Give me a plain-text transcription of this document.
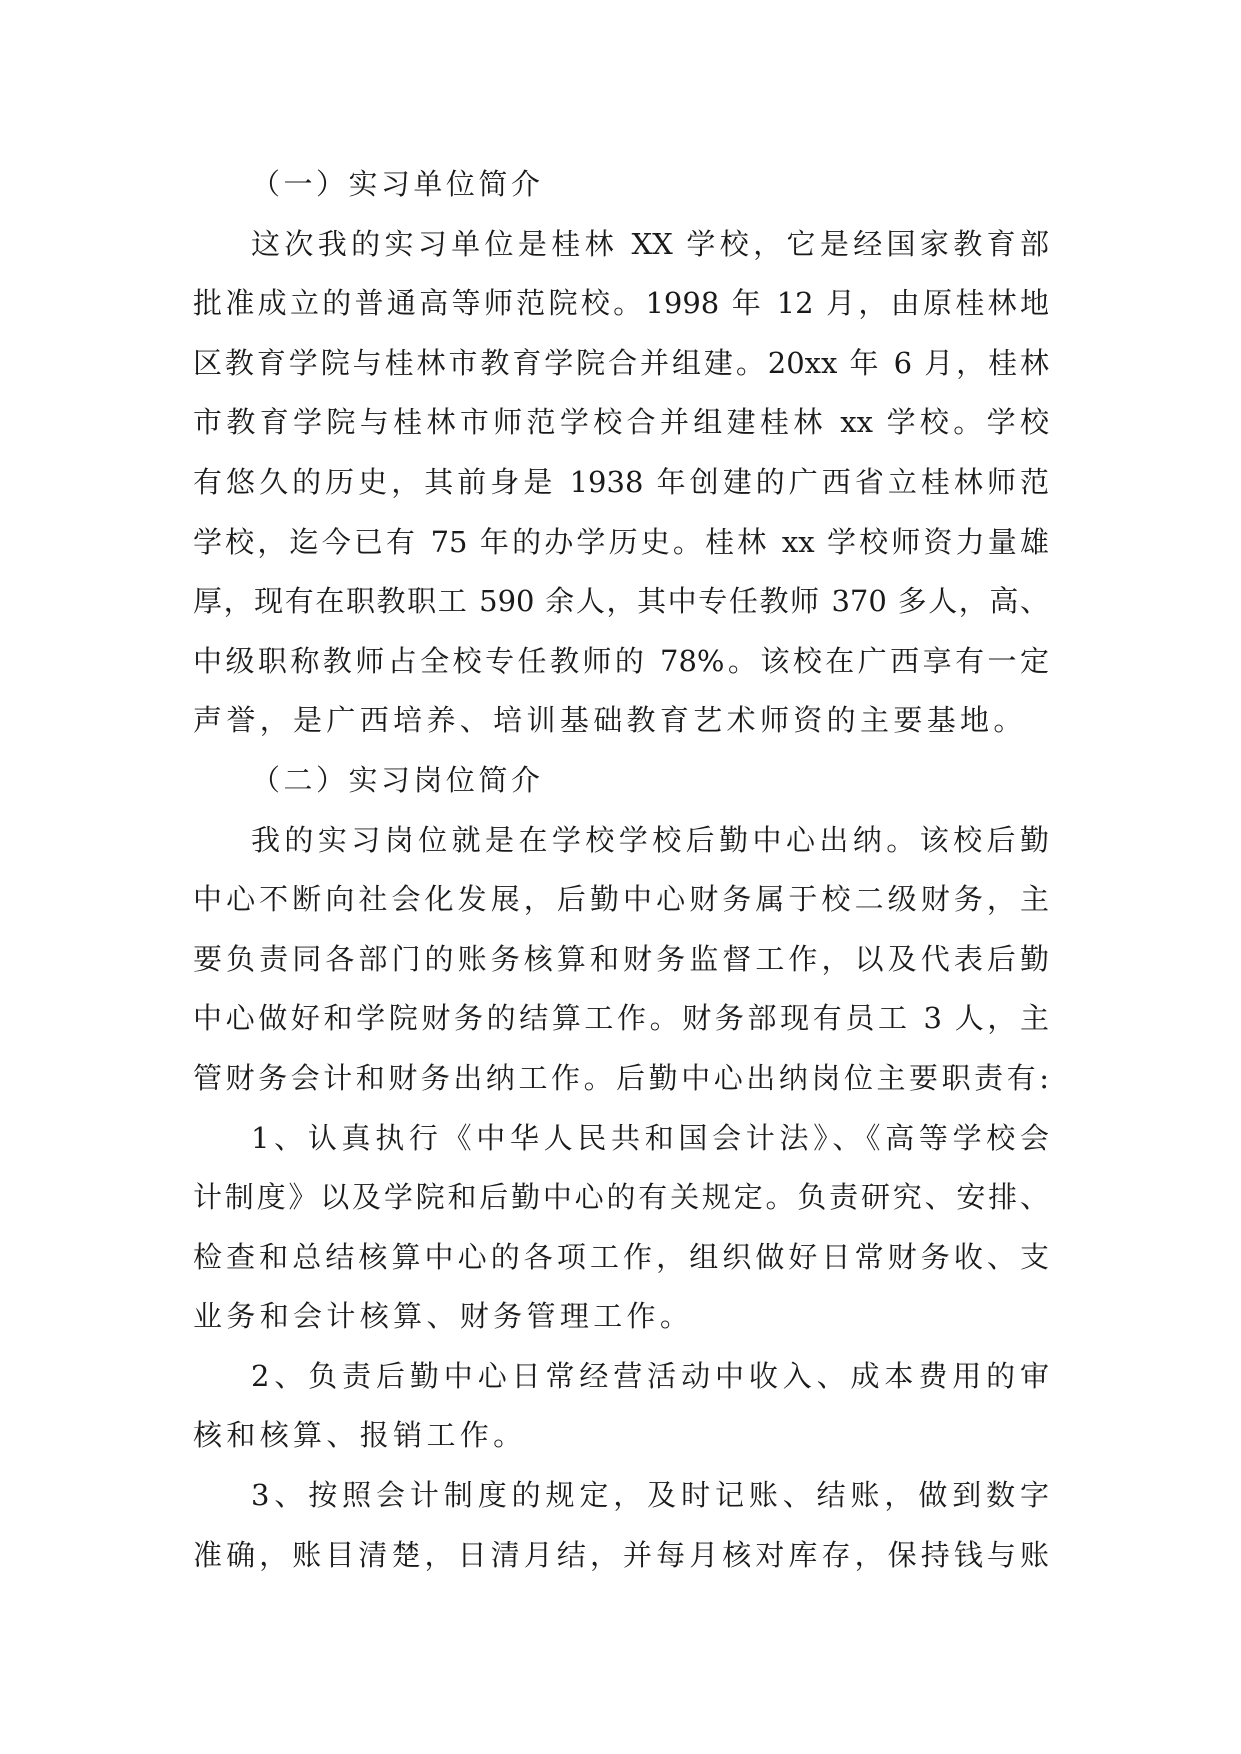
（一）实习单位简介
这次我的实习单位是桂林 XX 学校，它是经国家教育部
批准成立的普通高等师范院校。1998 年 12 月，由原桂林地
区教育学院与桂林市教育学院合并组建。20xx 年 6 月，桂林
市教育学院与桂林市师范学校合并组建桂林 xx 学校。学校
有悠久的历史，其前身是 1938 年创建的广西省立桂林师范
学校，迄今已有 75 年的办学历史。桂林 xx 学校师资力量雄
厚，现有在职教职工 590 余人，其中专任教师 370 多人，高、
中级职称教师占全校专任教师的 78%。该校在广西享有一定
声誉，是广西培养、培训基础教育艺术师资的主要基地。
（二）实习岗位简介
我的实习岗位就是在学校学校后勤中心出纳。该校后勤
中心不断向社会化发展，后勤中心财务属于校二级财务，主
要负责同各部门的账务核算和财务监督工作，以及代表后勤
中心做好和学院财务的结算工作。财务部现有员工 3 人，主
管财务会计和财务出纳工作。后勤中心出纳岗位主要职责有:
1、认真执行《中华人民共和国会计法》、《高等学校会
计制度》以及学院和后勤中心的有关规定。负责研究、安排、
检查和总结核算中心的各项工作，组织做好日常财务收、支
业务和会计核算、财务管理工作。
2、负责后勤中心日常经营活动中收入、成本费用的审
核和核算、报销工作。
3、按照会计制度的规定，及时记账、结账，做到数字
准确，账目清楚，日清月结，并每月核对库存，保持钱与账
